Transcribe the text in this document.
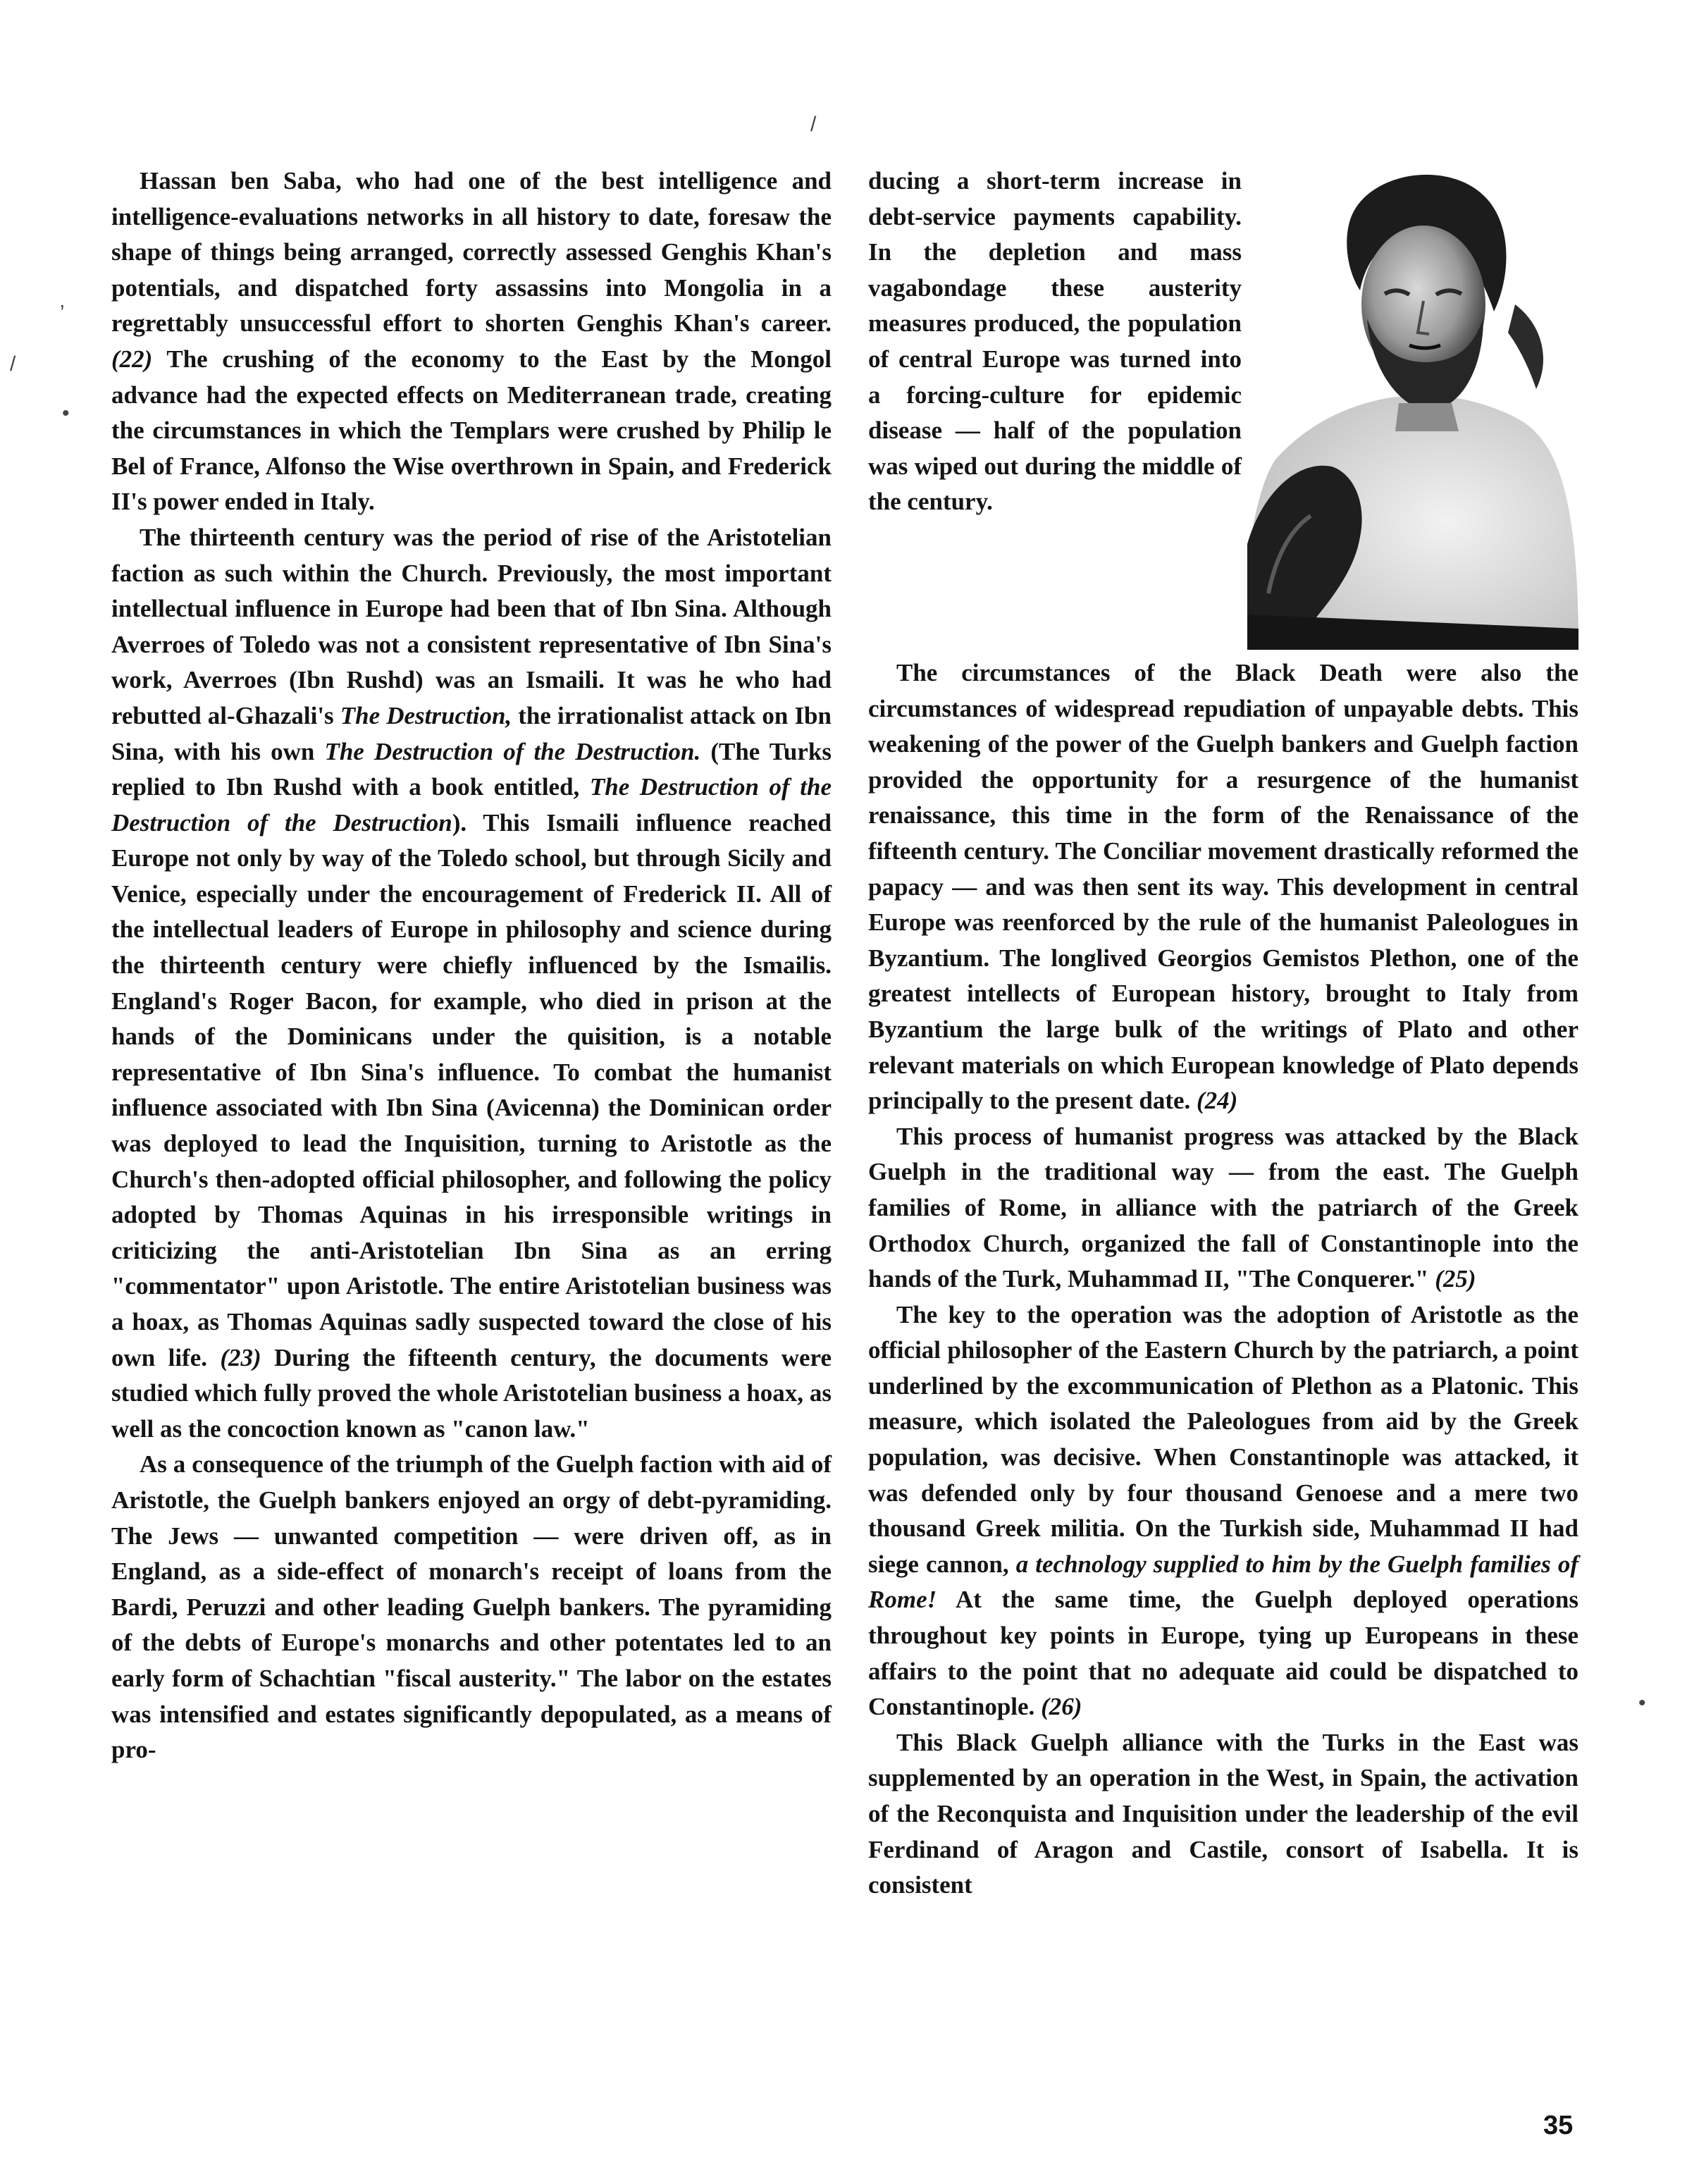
Hassan ben Saba, who had one of the best intelligence and intelligence-evaluations networks in all history to date, foresaw the shape of things being arranged, correctly assessed Genghis Khan's potentials, and dispatched forty assassins into Mongolia in a regrettably unsuccessful effort to shorten Genghis Khan's career. (22) The crushing of the economy to the East by the Mongol advance had the expected effects on Mediterranean trade, creating the circumstances in which the Templars were crushed by Philip le Bel of France, Alfonso the Wise overthrown in Spain, and Frederick II's power ended in Italy.

The thirteenth century was the period of rise of the Aristotelian faction as such within the Church. Previously, the most important intellectual influence in Europe had been that of Ibn Sina. Although Averroes of Toledo was not a consistent representative of Ibn Sina's work, Averroes (Ibn Rushd) was an Ismaili. It was he who had rebutted al-Ghazali's The Destruction, the irrationalist attack on Ibn Sina, with his own The Destruction of the Destruction. (The Turks replied to Ibn Rushd with a book entitled, The Destruction of the Destruction of the Destruction). This Ismaili influence reached Europe not only by way of the Toledo school, but through Sicily and Venice, especially under the encouragement of Frederick II. All of the intellectual leaders of Europe in philosophy and science during the thirteenth century were chiefly influenced by the Ismailis. England's Roger Bacon, for example, who died in prison at the hands of the Dominicans under the quisition, is a notable representative of Ibn Sina's influence. To combat the humanist influence associated with Ibn Sina (Avicenna) the Dominican order was deployed to lead the Inquisition, turning to Aristotle as the Church's then-adopted official philosopher, and following the policy adopted by Thomas Aquinas in his irresponsible writings in criticizing the anti-Aristotelian Ibn Sina as an erring "commentator" upon Aristotle. The entire Aristotelian business was a hoax, as Thomas Aquinas sadly suspected toward the close of his own life. (23) During the fifteenth century, the documents were studied which fully proved the whole Aristotelian business a hoax, as well as the concoction known as "canon law."

As a consequence of the triumph of the Guelph faction with aid of Aristotle, the Guelph bankers enjoyed an orgy of debt-pyramiding. The Jews — unwanted competition — were driven off, as in England, as a side-effect of monarch's receipt of loans from the Bardi, Peruzzi and other leading Guelph bankers. The pyramiding of the debts of Europe's monarchs and other potentates led to an early form of Schachtian "fiscal austerity." The labor on the estates was intensified and estates significantly depopulated, as a means of pro-

ducing a short-term increase in debt-service payments capability. In the depletion and mass vagabondage these austerity measures produced, the population of central Europe was turned into a forcing-culture for epidemic disease — half of the population was wiped out during the middle of the century.

The circumstances of the Black Death were also the circumstances of widespread repudiation of unpayable debts. This weakening of the power of the Guelph bankers and Guelph faction provided the opportunity for a resurgence of the humanist renaissance, this time in the form of the Renaissance of the fifteenth century. The Conciliar movement drastically reformed the papacy — and was then sent its way. This development in central Europe was reenforced by the rule of the humanist Paleologues in Byzantium. The longlived Georgios Gemistos Plethon, one of the greatest intellects of European history, brought to Italy from Byzantium the large bulk of the writings of Plato and other relevant materials on which European knowledge of Plato depends principally to the present date. (24)

This process of humanist progress was attacked by the Black Guelph in the traditional way — from the east. The Guelph families of Rome, in alliance with the patriarch of the Greek Orthodox Church, organized the fall of Constantinople into the hands of the Turk, Muhammad II, "The Conquerer." (25)

The key to the operation was the adoption of Aristotle as the official philosopher of the Eastern Church by the patriarch, a point underlined by the excommunication of Plethon as a Platonic. This measure, which isolated the Paleologues from aid by the Greek population, was decisive. When Constantinople was attacked, it was defended only by four thousand Genoese and a mere two thousand Greek militia. On the Turkish side, Muhammad II had siege cannon, a technology supplied to him by the Guelph families of Rome! At the same time, the Guelph deployed operations throughout key points in Europe, tying up Europeans in these affairs to the point that no adequate aid could be dispatched to Constantinople. (26)

This Black Guelph alliance with the Turks in the East was supplemented by an operation in the West, in Spain, the activation of the Reconquista and Inquisition under the leadership of the evil Ferdinand of Aragon and Castile, consort of Isabella. It is consistent

35
/
,
/
•
•
